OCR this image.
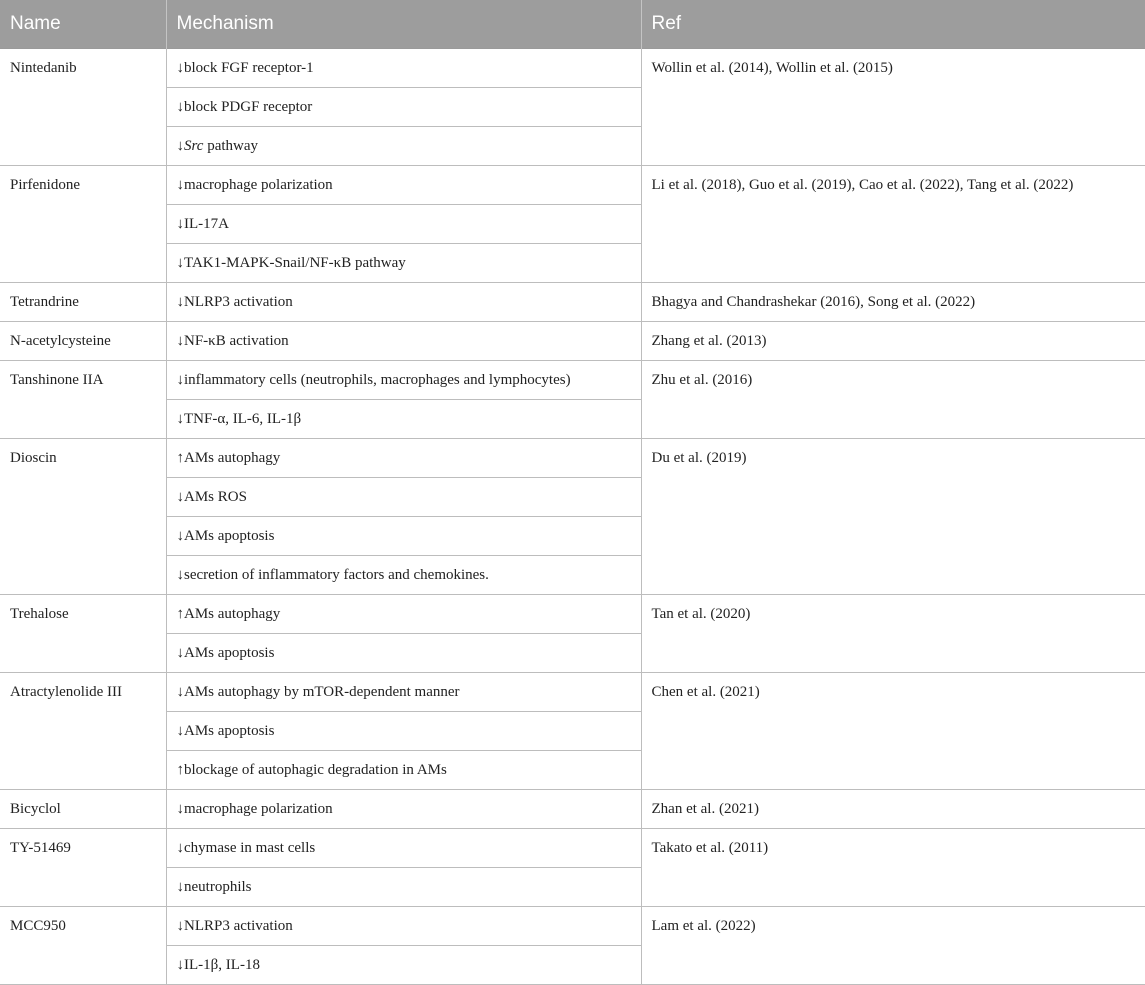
Name	Mechanism	Ref
Nintedanib	↓block FGF receptor-1	Wollin et al. (2014), Wollin et al. (2015)
	↓block PDGF receptor	
	↓Src pathway	
Pirfenidone	↓macrophage polarization	Li et al. (2018), Guo et al. (2019), Cao et al. (2022), Tang et al. (2022)
	↓IL-17A	
	↓TAK1-MAPK-Snail/NF-κB pathway	
Tetrandrine	↓NLRP3 activation	Bhagya and Chandrashekar (2016), Song et al. (2022)
N-acetylcysteine	↓NF-κB activation	Zhang et al. (2013)
Tanshinone IIA	↓inflammatory cells (neutrophils, macrophages and lymphocytes)	Zhu et al. (2016)
	↓TNF-α, IL-6, IL-1β	
Dioscin	↑AMs autophagy	Du et al. (2019)
	↓AMs ROS	
	↓AMs apoptosis	
	↓secretion of inflammatory factors and chemokines.	
Trehalose	↑AMs autophagy	Tan et al. (2020)
	↓AMs apoptosis	
Atractylenolide III	↓AMs autophagy by mTOR-dependent manner	Chen et al. (2021)
	↓AMs apoptosis	
	↑blockage of autophagic degradation in AMs	
Bicyclol	↓macrophage polarization	Zhan et al. (2021)
TY-51469	↓chymase in mast cells	Takato et al. (2011)
	↓neutrophils	
MCC950	↓NLRP3 activation	Lam et al. (2022)
	↓IL-1β, IL-18	
